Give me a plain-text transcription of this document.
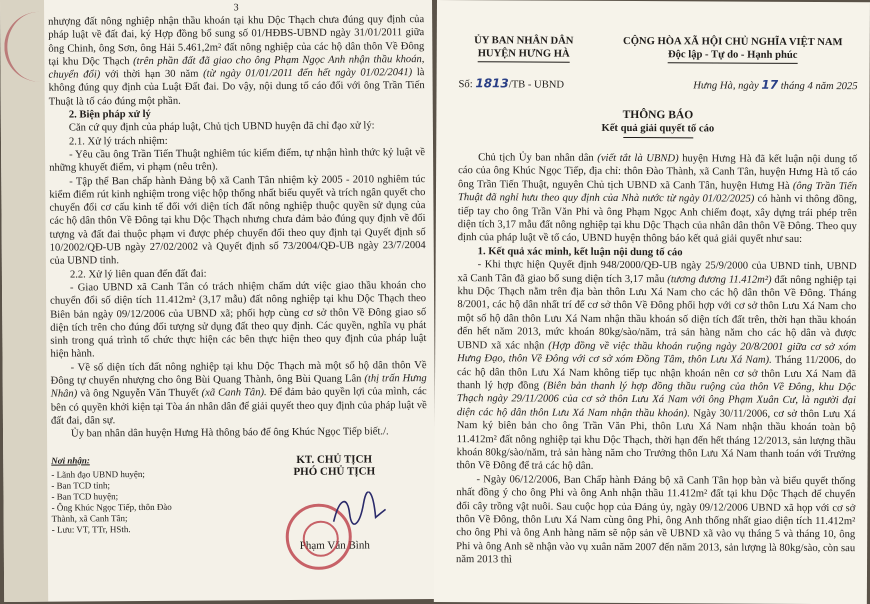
3

nhượng đất nông nghiệp nhận thầu khoán tại khu Dộc Thạch chưa đúng quy định của pháp luật về đất đai, ký Hợp đồng bổ sung số 01/HĐBS-UBND ngày 31/01/2011 giữa ông Chinh, ông Sơn, ông Hải 5.461,2m² đất nông nghiệp của các hộ dân thôn Về Đông tại khu Dộc Thạch (trên phần đất đã giao cho ông Phạm Ngọc Anh nhận thầu khoán, chuyển đổi) với thời hạn 30 năm (từ ngày 01/01/2011 đến hết ngày 01/02/2041) là không đúng quy định của Luật Đất đai. Do vậy, nội dung tố cáo đối với ông Trần Tiến Thuật là tố cáo đúng một phần.

2. Biện pháp xử lý

Căn cứ quy định của pháp luật, Chủ tịch UBND huyện đã chỉ đạo xử lý:

2.1. Xử lý trách nhiệm:

- Yêu cầu ông Trần Tiến Thuật nghiêm túc kiểm điểm, tự nhận hình thức kỷ luật về những khuyết điểm, vi phạm (nêu trên).

- Tập thể Ban chấp hành Đảng bộ xã Canh Tân nhiệm kỳ 2005 - 2010 nghiêm túc kiểm điểm rút kinh nghiệm trong việc hộp thống nhất biểu quyết và trích ngân quyết cho chuyển đổi cơ cấu kinh tế đối với diện tích đất nông nghiệp thuộc quyền sử dụng của các hộ dân thôn Về Đông tại khu Dộc Thạch nhưng chưa đảm bảo đúng quy định về đối tượng và đất đai thuộc phạm vi được phép chuyển đổi theo quy định tại Quyết định số 10/2002/QĐ-UB ngày 27/02/2002 và Quyết định số 73/2004/QĐ-UB ngày 23/7/2004 của UBND tỉnh.

2.2. Xử lý liên quan đến đất đai:

- Giao UBND xã Canh Tân có trách nhiệm chấm dứt việc giao thầu khoán cho chuyển đổi số diện tích 11.412m² (3,17 mẫu) đất nông nghiệp tại khu Dộc Thạch theo Biên bản ngày 09/12/2006 của UBND xã; phối hợp cùng cơ sở thôn Về Đông giao số diện tích trên cho đúng đối tượng sử dụng đất theo quy định. Các quyền, nghĩa vụ phát sinh trong quá trình tổ chức thực hiện các bên thực hiện theo quy định của pháp luật hiện hành.

- Về số diện tích đất nông nghiệp tại khu Dộc Thạch mà một số hộ dân thôn Về Đông tự chuyển nhượng cho ông Bùi Quang Thành, ông Bùi Quang Lân (thị trấn Hưng Nhân) và ông Nguyễn Văn Thuyết (xã Canh Tân). Để đảm bảo quyền lợi của mình, các bên có quyền khởi kiện tại Tòa án nhân dân để giải quyết theo quy định của pháp luật về đất đai, dân sự.

Ủy ban nhân dân huyện Hưng Hà thông báo để ông Khúc Ngọc Tiếp biết./.

Nơi nhận:
- Lãnh đạo UBND huyện;
- Ban TCD tỉnh;
- Ban TCD huyện;
- Ông Khúc Ngọc Tiếp, thôn Đào Thành, xã Canh Tân;
- Lưu: VT, TTr, HSth.
KT. CHỦ TỊCH
PHÓ CHỦ TỊCH
Phạm Văn Bình
ỦY BAN NHÂN DÂN
HUYỆN HƯNG HÀ
CỘNG HÒA XÃ HỘI CHỦ NGHĨA VIỆT NAM
Độc lập - Tự do - Hạnh phúc
Số: 1813/TB - UBND	Hưng Hà, ngày 17 tháng 4 năm 2025
THÔNG BÁO
Kết quả giải quyết tố cáo

Chủ tịch Ủy ban nhân dân (viết tắt là UBND) huyện Hưng Hà đã kết luận nội dung tố cáo của ông Khúc Ngọc Tiếp, địa chỉ: thôn Đào Thành, xã Canh Tân, huyện Hưng Hà tố cáo ông Trần Tiến Thuật, nguyên Chủ tịch UBND xã Canh Tân, huyện Hưng Hà (ông Trần Tiến Thuật đã nghỉ hưu theo quy định của Nhà nước từ ngày 01/02/2025) có hành vi thông đồng, tiếp tay cho ông Trần Văn Phi và ông Phạm Ngọc Anh chiếm đoạt, xây dựng trái phép trên diện tích 3,17 mẫu đất nông nghiệp tại khu Dộc Thạch của nhân dân thôn Về Đông. Theo quy định của pháp luật về tố cáo, UBND huyện thông báo kết quả giải quyết như sau:

1. Kết quả xác minh, kết luận nội dung tố cáo

- Khi thực hiện Quyết định 948/2000/QĐ-UB ngày 25/9/2000 của UBND tỉnh, UBND xã Canh Tân đã giao bổ sung diện tích 3,17 mẫu (tương đương 11.412m²) đất nông nghiệp tại khu Dộc Thạch nằm trên địa bàn thôn Lưu Xá Nam cho các hộ dân thôn Về Đông. Tháng 8/2001, các hộ dân nhất trí để cơ sở thôn Về Đông phối hợp với cơ sở thôn Lưu Xá Nam cho một số hộ dân thôn Lưu Xá Nam nhận thầu khoán số diện tích đất trên, thời hạn thầu khoán đến hết năm 2013, mức khoán 80kg/sào/năm, trả sản hàng năm cho các hộ dân và được UBND xã xác nhận (Hợp đồng về việc thầu khoán ruộng ngày 20/8/2001 giữa cơ sở xóm Hưng Đạo, thôn Về Đông với cơ sở xóm Đồng Tâm, thôn Lưu Xá Nam). Tháng 11/2006, do các hộ dân thôn Lưu Xá Nam không tiếp tục nhận khoán nên cơ sở thôn Lưu Xá Nam đã thanh lý hợp đồng (Biên bản thanh lý hợp đồng thầu ruộng của thôn Về Đông, khu Dộc Thạch ngày 29/11/2006 của cơ sở thôn Lưu Xá Nam với ông Phạm Xuân Cư, là người đại diện các hộ dân thôn Lưu Xá Nam nhận thầu khoán). Ngày 30/11/2006, cơ sở thôn Lưu Xá Nam ký biên bản cho ông Trần Văn Phi, thôn Lưu Xá Nam nhận thầu khoán toàn bộ 11.412m² đất nông nghiệp tại khu Dộc Thạch, thời hạn đến hết tháng 12/2013, sản lượng thầu khoán 80kg/sào/năm, trả sản hàng năm cho Trưởng thôn Lưu Xá Nam thanh toán với Trưởng thôn Về Đông để trả các hộ dân.

- Ngày 06/12/2006, Ban Chấp hành Đảng bộ xã Canh Tân họp bàn và biểu quyết thống nhất đồng ý cho ông Phi và ông Anh nhận thầu 11.412m² đất tại khu Dộc Thạch để chuyển đổi cây trồng vật nuôi. Sau cuộc họp của Đảng ủy, ngày 09/12/2006 UBND xã họp với cơ sở thôn Về Đông, thôn Lưu Xá Nam cùng ông Phi, ông Anh thống nhất giao diện tích 11.412m² cho ông Phi và ông Anh hàng năm sẽ nộp sản về UBND xã vào vụ tháng 5 và tháng 10, ông Phi và ông Anh sẽ nhận vào vụ xuân năm 2007 đến năm 2013, sản lượng là 80kg/sào, còn sau năm 2013 thì
